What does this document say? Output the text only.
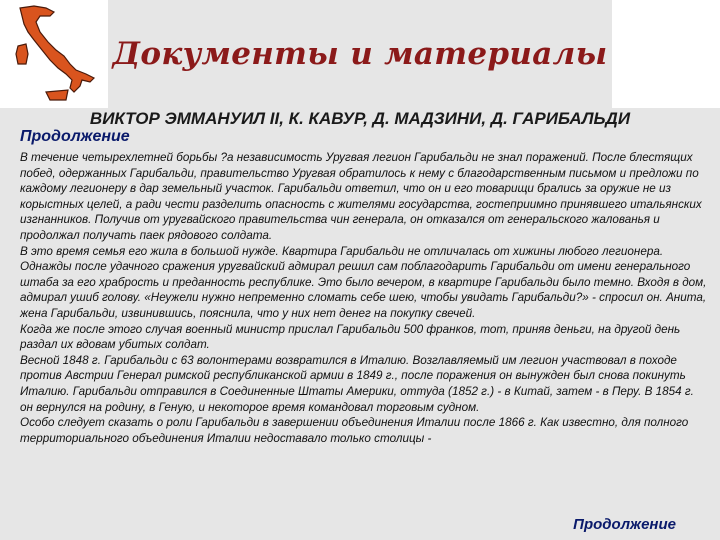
Документы и материалы
ВИКТОР ЭММАНУИЛ II, К. КАВУР, Д. МАДЗИНИ, Д. ГАРИБАЛЬДИ
Продолжение

В течение четырехлетней борьбы ?а независимость Уругвая легион Гарибальди не знал поражений. После блестящих побед, одержанных Гарибальди, правительство Уругвая обратилось к нему с благодарственным письмом и предложи по каждому легионеру в дар земельный участок. Гарибальди ответил, что он и его товарищи брались за оружие не из корыстных целей, а ради чести разделить опасность с жителями государства, гостеприимно принявшего итальянских изгнанников. Получив от уругвайского правительства чин генерала, он отказался от генеральского жалованья и продолжал получать паек рядового солдата.

В это время семья его жила в большой нужде. Квартира Гарибальди не отличалась от хижины любого легионера. Однажды после удачного сражения уругвайский адмирал решил сам поблагодарить Гарибальди от имени генерального штаба за его храбрость и преданность республике. Это было вечером, в квартире Гарибальди было темно. Входя в дом, адмирал ушиб голову. «Неужели нужно непременно сломать себе шею, чтобы увидать Гарибальди?» - спросил он. Анита, жена Гарибальди, извинившись, пояснила, что у них нет денег на покупку свечей.

Когда же после этого случая военный министр прислал Гарибальди 500 франков, тот, приняв деньги, на другой день раздал их вдовам убитых солдат.

Весной 1848 г. Гарибальди с 63 волонтерами возвратился в Италию. Возглавляемый им легион участвовал в походе против Австрии Генерал римской республиканской армии в 1849 г., после поражения он вынужден был снова покинуть Италию. Гарибальди отправился в Соединенные Штаты Америки, оттуда (1852 г.) - в Китай, затем - в Перу. В 1854 г. он вернулся на родину, в Геную, и некоторое время командовал торговым судном.

Особо следует сказать о роли Гарибальди в завершении объединения Италии после 1866 г. Как известно, для полного территориального объединения Италии недоставало только столицы -

Продолжение
